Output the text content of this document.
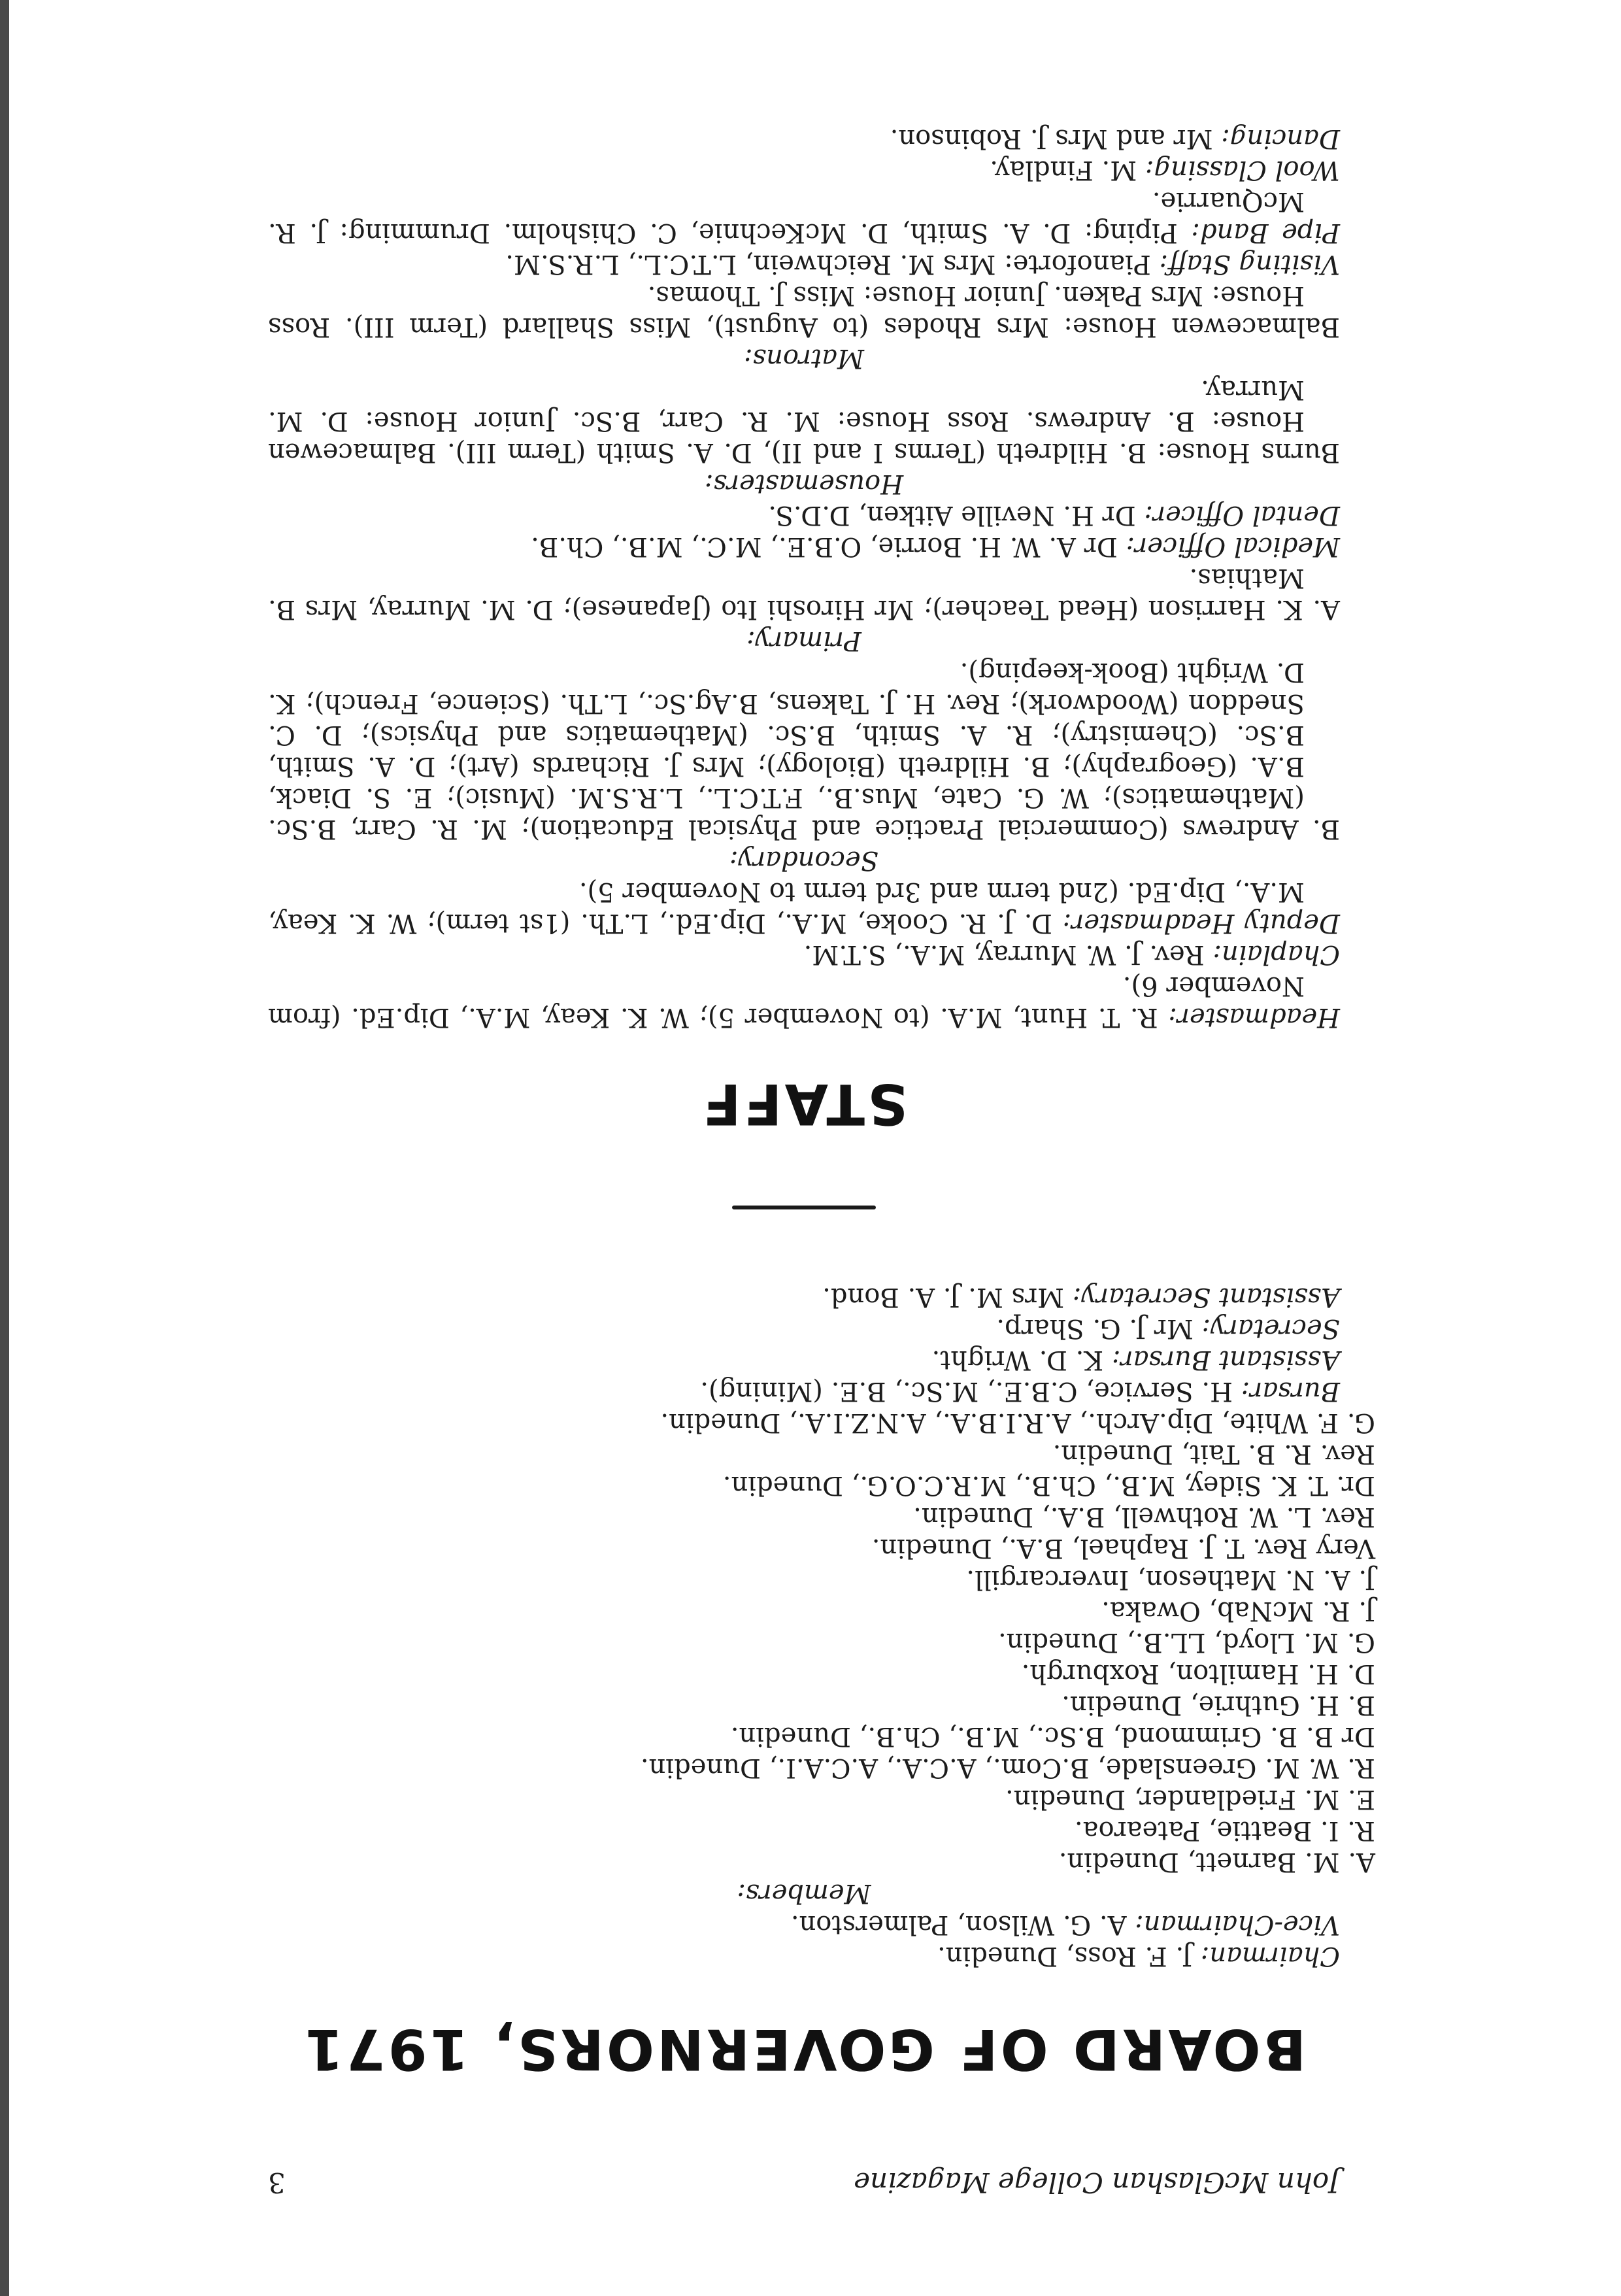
John McGlashan College Magazine
3
BOARD OF GOVERNORS, 1971
Chairman: J. F. Ross, Dunedin.
Vice-Chairman: A. G. Wilson, Palmerston.
Members:
A. M. Barnett, Dunedin.
R. I. Beattie, Patearoa.
E. M. Friedlander, Dunedin.
R. W. M. Greenslade, B.Com., A.C.A., A.C.A.I., Dunedin.
Dr B. B. Grimmond, B.Sc., M.B., Ch.B., Dunedin.
B. H. Guthrie, Dunedin.
D. H. Hamilton, Roxburgh.
G. M. Lloyd, LL.B., Dunedin.
J. R. McNab, Owaka.
J. A. N. Matheson, Invercargill.
Very Rev. T. J. Raphael, B.A., Dunedin.
Rev. L. W. Rothwell, B.A., Dunedin.
Dr. T. K. Sidey, M.B., Ch.B., M.R.C.O.G., Dunedin.
Rev. R. B. Tait, Dunedin.
G. F. White, Dip.Arch., A.R.I.B.A., A.N.Z.I.A., Dunedin.
Bursar: H. Service, C.B.E., M.Sc., B.E. (Mining).
Assistant Bursar: K. D. Wright.
Secretary: Mr J. G. Sharp.
Assistant Secretary: Mrs M. J. A. Bond.
STAFF
Headmaster: R. T. Hunt, M.A. (to November 5); W. K. Keay, M.A., Dip.Ed. (from November 6).
Chaplain: Rev. J. W. Murray, M.A., S.T.M.
Deputy Headmaster: D. J. R. Cooke, M.A., Dip.Ed., L.Th. (1st term); W. K. Keay, M.A., Dip.Ed. (2nd term and 3rd term to November 5).
Secondary:
B. Andrews (Commercial Practice and Physical Education); M. R. Carr, B.Sc. (Mathematics); W. G. Cate, Mus.B., F.T.C.L., L.R.S.M. (Music); E. S. Diack, B.A. (Geography); B. Hildreth (Biology); Mrs J. Richards (Art); D. A. Smith, B.Sc. (Chemistry); R. A. Smith, B.Sc. (Mathematics and Physics); D. C. Sneddon (Woodwork); Rev. H. J. Takens, B.Ag.Sc., L.Th. (Science, French); K. D. Wright (Book-keeping).
Primary:
A. K. Harrison (Head Teacher); Mr Hiroshi Ito (Japanese); D. M. Murray, Mrs B. Mathias.
Medical Officer: Dr A. W. H. Borrie, O.B.E., M.C., M.B., Ch.B.
Dental Officer: Dr H. Neville Aitken, D.D.S.
Housemasters:
Burns House: B. Hildreth (Terms I and II), D. A. Smith (Term III). Balmacewen House: B. Andrews. Ross House: M. R. Carr, B.Sc. Junior House: D. M. Murray.
Matrons:
Balmacewen House: Mrs Rhodes (to August), Miss Shallard (Term III). Ross House: Mrs Paken. Junior House: Miss J. Thomas.
Visiting Staff: Pianoforte: Mrs M. Reichwein, L.T.C.L., L.R.S.M.
Pipe Band: Piping: D. A. Smith, D. McKechnie, C. Chisholm. Drumming: J. R. McQuarrie.
Wool Classing: M. Findlay.
Dancing: Mr and Mrs J. Robinson.
